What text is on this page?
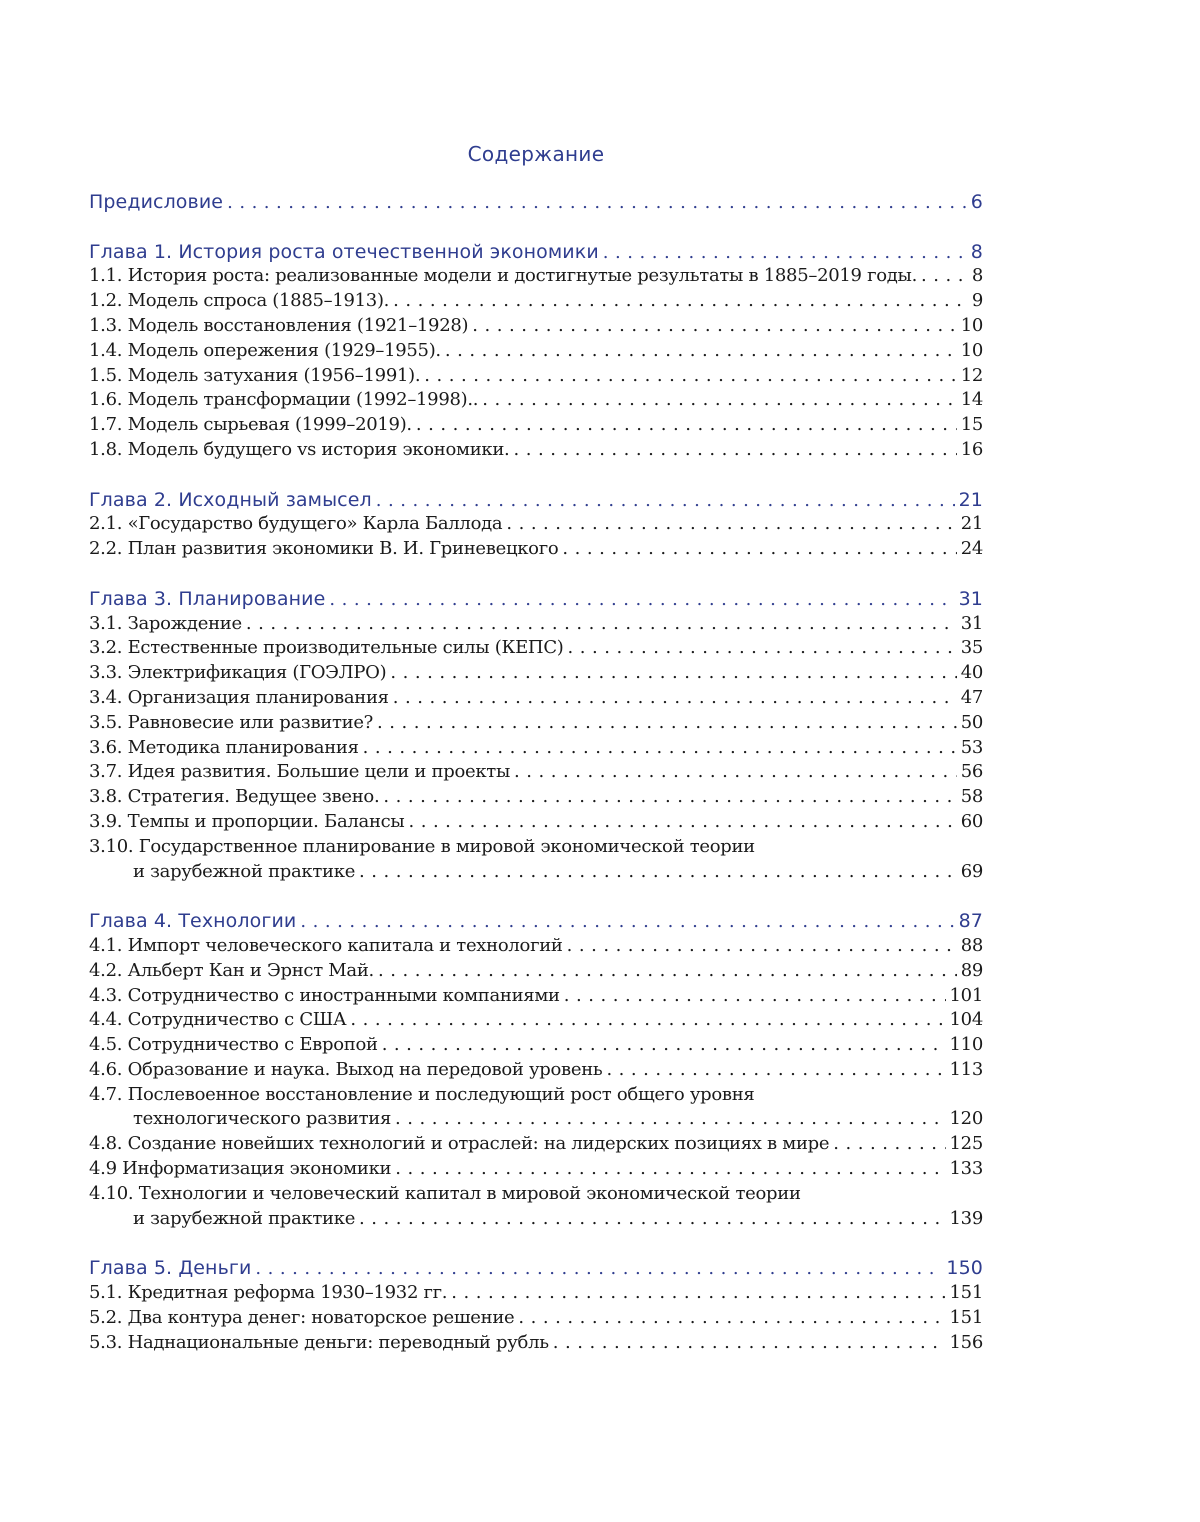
Содержание
Предисловие
. . .	6
Глава 1. История роста отечественной экономики
. . .	8
1.1. История роста: реализованные модели и достигнутые результаты в 1885–2019 годы.
. . .	8
1.2. Модель спроса (1885–1913).
. . .	9
1.3. Модель восстановления (1921–1928)
. . .	10
1.4. Модель опережения (1929–1955).
. . .	10
1.5. Модель затухания (1956–1991).
. . .	12
1.6. Модель трансформации (1992–1998)..
. . .	14
1.7. Модель сырьевая (1999–2019).
. . .	15
1.8. Модель будущего vs история экономики.
. . .	16
Глава 2. Исходный замысел
. . .	21
2.1. «Государство будущего» Карла Баллода
. . .	21
2.2. План развития экономики В. И. Гриневецкого
. . .	24
Глава 3. Планирование
. . .	31
3.1. Зарождение
. . .	31
3.2. Естественные производительные силы (КЕПС)
. . .	35
3.3. Электрификация (ГОЭЛРО)
. . .	40
3.4. Организация планирования
. . .	47
3.5. Равновесие или развитие?
. . .	50
3.6. Методика планирования
. . .	53
3.7. Идея развития. Большие цели и проекты
. . .	56
3.8. Стратегия. Ведущее звено.
. . .	58
3.9. Темпы и пропорции. Балансы
. . .	60
3.10. Государственное планирование в мировой экономической теории
и зарубежной практике
. . .	69
Глава 4. Технологии
. . .	87
4.1. Импорт человеческого капитала и технологий
. . .	88
4.2. Альберт Кан и Эрнст Май.
. . .	89
4.3. Сотрудничество с иностранными компаниями
. . .	101
4.4. Сотрудничество с США
. . .	104
4.5. Сотрудничество с Европой
. . .	110
4.6. Образование и наука. Выход на передовой уровень
. . .	113
4.7. Послевоенное восстановление и последующий рост общего уровня
технологического развития
. . .	120
4.8. Создание новейших технологий и отраслей: на лидерских позициях в мире
. . .	125
4.9 Информатизация экономики
. . .	133
4.10. Технологии и человеческий капитал в мировой экономической теории
и зарубежной практике
. . .	139
Глава 5. Деньги
. . .	150
5.1. Кредитная реформа 1930–1932 гг.
. . .	151
5.2. Два контура денег: новаторское решение
. . .	151
5.3. Наднациональные деньги: переводный рубль
. . .	156
